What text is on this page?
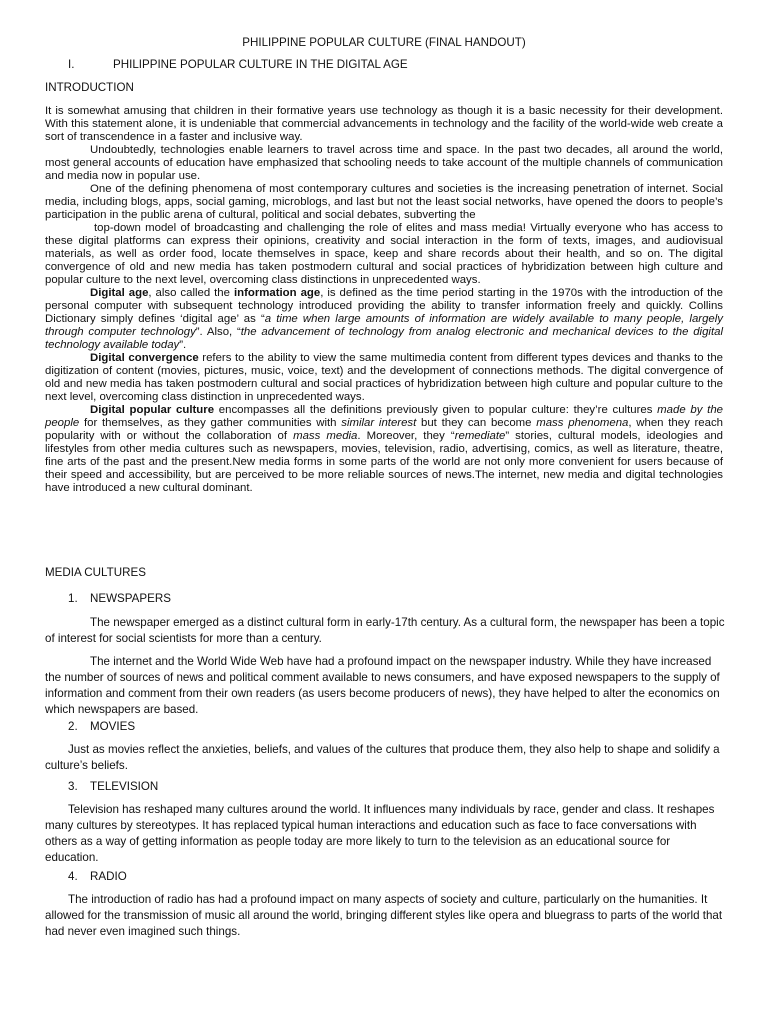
PHILIPPINE POPULAR CULTURE (FINAL HANDOUT)
I.	PHILIPPINE POPULAR CULTURE IN THE DIGITAL AGE
INTRODUCTION

It is somewhat amusing that children in their formative years use technology as though it is a basic necessity for their development. With this statement alone, it is undeniable that commercial advancements in technology and the facility of the world-wide web create a sort of transcendence in a faster and inclusive way.

Undoubtedly, technologies enable learners to travel across time and space. In the past two decades, all around the world, most general accounts of education have emphasized that schooling needs to take account of the multiple channels of communication and media now in popular use.

One of the defining phenomena of most contemporary cultures and societies is the increasing penetration of internet. Social media, including blogs, apps, social gaming, microblogs, and last but not the least social networks, have opened the doors to people’s participation in the public arena of cultural, political and social debates, subverting the

top-down model of broadcasting and challenging the role of elites and mass media! Virtually everyone who has access to these digital platforms can express their opinions, creativity and social interaction in the form of texts, images, and audiovisual materials, as well as order food, locate themselves in space, keep and share records about their health, and so on. The digital convergence of old and new media has taken postmodern cultural and social practices of hybridization between high culture and popular culture to the next level, overcoming class distinctions in unprecedented ways.

Digital age, also called the information age, is defined as the time period starting in the 1970s with the introduction of the personal computer with subsequent technology introduced providing the ability to transfer information freely and quickly. Collins Dictionary simply defines ‘digital age’ as “a time when large amounts of information are widely available to many people, largely through computer technology”. Also, “the advancement of technology from analog electronic and mechanical devices to the digital technology available today”.

Digital convergence refers to the ability to view the same multimedia content from different types devices and thanks to the digitization of content (movies, pictures, music, voice, text) and the development of connections methods. The digital convergence of old and new media has taken postmodern cultural and social practices of hybridization between high culture and popular culture to the next level, overcoming class distinction in unprecedented ways.

Digital popular culture encompasses all the definitions previously given to popular culture: they’re cultures made by the people for themselves, as they gather communities with similar interest but they can become mass phenomena, when they reach popularity with or without the collaboration of mass media. Moreover, they “remediate” stories, cultural models, ideologies and lifestyles from other media cultures such as newspapers, movies, television, radio, advertising, comics, as well as literature, theatre, fine arts of the past and the present.New media forms in some parts of the world are not only more convenient for users because of their speed and accessibility, but are perceived to be more reliable sources of news.The internet, new media and digital technologies have introduced a new cultural dominant.

MEDIA CULTURES
1. NEWSPAPERS

The newspaper emerged as a distinct cultural form in early-17th century. As a cultural form, the newspaper has been a topic of interest for social scientists for more than a century.

The internet and the World Wide Web have had a profound impact on the newspaper industry. While they have increased the number of sources of news and political comment available to news consumers, and have exposed newspapers to the supply of information and comment from their own readers (as users become producers of news), they have helped to alter the economics on which newspapers are based.

2. MOVIES

Just as movies reflect the anxieties, beliefs, and values of the cultures that produce them, they also help to shape and solidify a culture’s beliefs.

3. TELEVISION

Television has reshaped many cultures around the world. It influences many individuals by race, gender and class. It reshapes many cultures by stereotypes. It has replaced typical human interactions and education such as face to face conversations with others as a way of getting information as people today are more likely to turn to the television as an educational source for education.

4. RADIO

The introduction of radio has had a profound impact on many aspects of society and culture, particularly on the humanities. It allowed for the transmission of music all around the world, bringing different styles like opera and bluegrass to parts of the world that had never even imagined such things.
